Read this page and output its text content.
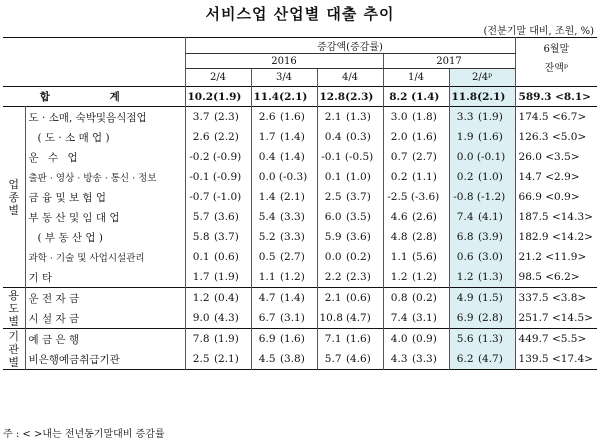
서비스업 산업별 대출 추이
(전분기말 대비, 조원, %)
		증감액(증감률)					6월말
잔액ᵖ

		2016			2017		
		2/4	3/4	4/4	1/4	2/4ᵖ	
합 계		10.2 (1.9)	11.4 (2.1)	12.8 (2.3)	8.2 (1.4)	11.8 (2.1)	589.3 <8.1>

업종별	도 · 소매, 숙박및음식점업	3.7 (2.3)	2.6 (1.6)	2.1 (1.3)	3.0 (1.8)	3.3 (1.9)	174.5 <6.7>
	( 도 · 소 매 업 )	2.6 (2.2)	1.7 (1.4)	0.4 (0.3)	2.0 (1.6)	1.9 (1.6)	126.3 <5.0>
	운 수 업	-0.2 (-0.9)	0.4 (1.4)	-0.1 (-0.5)	0.7 (2.7)	0.0 (-0.1)	26.0 <3.5>
	출판 · 영상 · 방송 · 통신 · 정보	-0.1 (-0.9)	0.0 (-0.3)	0.1 (1.0)	0.2 (1.1)	0.2 (1.0)	14.7 <2.9>
	금 융 및 보 험 업	-0.7 (-1.0)	1.4 (2.1)	2.5 (3.7)	-2.5 (-3.6)	-0.8 (-1.2)	66.9 <0.9>
	부 동 산 및 임 대 업	5.7 (3.6)	5.4 (3.3)	6.0 (3.5)	4.6 (2.6)	7.4 (4.1)	187.5 <14.3>
	( 부 동 산 업 )	5.8 (3.7)	5.2 (3.3)	5.9 (3.6)	4.8 (2.8)	6.8 (3.9)	182.9 <14.2>
	과학 · 기술 및 사업시설관리	0.1 (0.6)	0.5 (2.7)	0.0 (0.2)	1.1 (5.6)	0.6 (3.0)	21.2 <11.9>
	기 타	1.7 (1.9)	1.1 (1.2)	2.2 (2.3)	1.2 (1.2)	1.2 (1.3)	98.5 <6.2>

용도별	운 전 자 금	1.2 (0.4)	4.7 (1.4)	2.1 (0.6)	0.8 (0.2)	4.9 (1.5)	337.5 <3.8>
	시 설 자 금	9.0 (4.3)	6.7 (3.1)	10.8 (4.7)	7.4 (3.1)	6.9 (2.8)	251.7 <14.5>

기관별	예 금 은 행	7.8 (1.9)	6.9 (1.6)	7.1 (1.6)	4.0 (0.9)	5.6 (1.3)	449.7 <5.5>
	비은행예금취급기관	2.5 (2.1)	4.5 (3.8)	5.7 (4.6)	4.3 (3.3)	6.2 (4.7)	139.5 <17.4>
주 : < >내는 전년동기말대비 증감률
